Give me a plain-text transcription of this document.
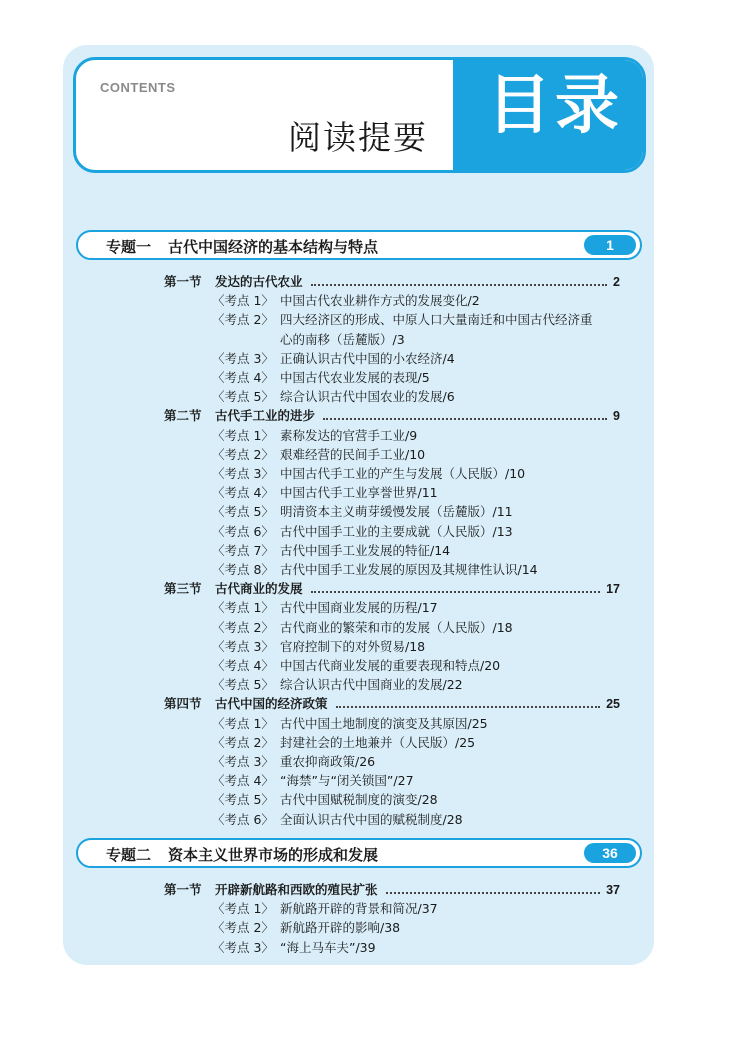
CONTENTS
阅读提要 目录
专题一 古代中国经济的基本结构与特点	1
第一节 发达的古代农业	2
〈考点 1〉 中国古代农业耕作方式的发展变化/2
〈考点 2〉 四大经济区的形成、中原人口大量南迁和中国古代经济重
心的南移（岳麓版）/3
〈考点 3〉 正确认识古代中国的小农经济/4
〈考点 4〉 中国古代农业发展的表现/5
〈考点 5〉 综合认识古代中国农业的发展/6
第二节 古代手工业的进步	9
〈考点 1〉 素称发达的官营手工业/9
〈考点 2〉 艰难经营的民间手工业/10
〈考点 3〉 中国古代手工业的产生与发展（人民版）/10
〈考点 4〉 中国古代手工业享誉世界/11
〈考点 5〉 明清资本主义萌芽缓慢发展（岳麓版）/11
〈考点 6〉 古代中国手工业的主要成就（人民版）/13
〈考点 7〉 古代中国手工业发展的特征/14
〈考点 8〉 古代中国手工业发展的原因及其规律性认识/14
第三节 古代商业的发展	17
〈考点 1〉 古代中国商业发展的历程/17
〈考点 2〉 古代商业的繁荣和市的发展（人民版）/18
〈考点 3〉 官府控制下的对外贸易/18
〈考点 4〉 中国古代商业发展的重要表现和特点/20
〈考点 5〉 综合认识古代中国商业的发展/22
第四节 古代中国的经济政策	25
〈考点 1〉 古代中国土地制度的演变及其原因/25
〈考点 2〉 封建社会的土地兼并（人民版）/25
〈考点 3〉 重农抑商政策/26
〈考点 4〉 “海禁”与“闭关锁国”/27
〈考点 5〉 古代中国赋税制度的演变/28
〈考点 6〉 全面认识古代中国的赋税制度/28
专题二 资本主义世界市场的形成和发展	36
第一节 开辟新航路和西欧的殖民扩张	37
〈考点 1〉 新航路开辟的背景和简况/37
〈考点 2〉 新航路开辟的影响/38
〈考点 3〉 “海上马车夫”/39
